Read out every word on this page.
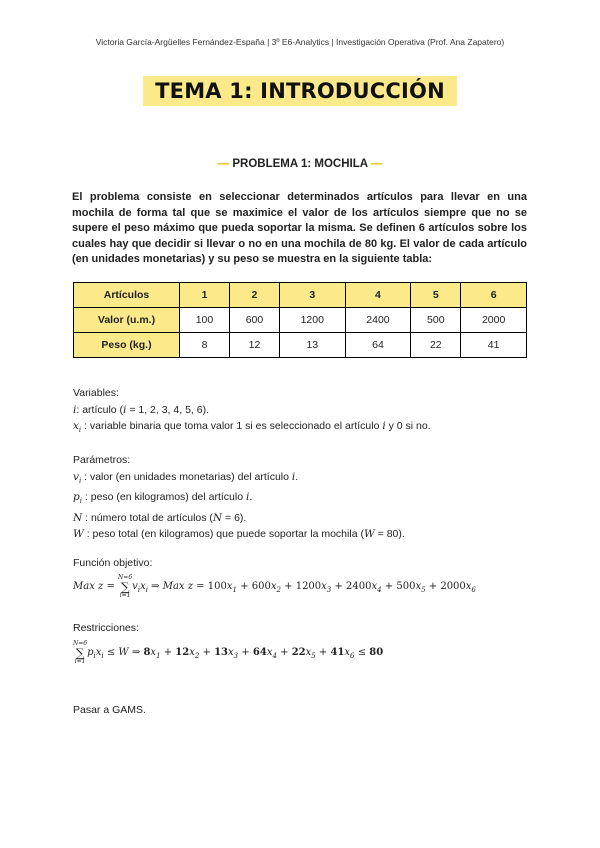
Victoria García-Argüelles Fernández-España | 3º E6-Analytics | Investigación Operativa (Prof. Ana Zapatero)
TEMA 1: INTRODUCCIÓN
— PROBLEMA 1: MOCHILA —
El problema consiste en seleccionar determinados artículos para llevar en una mochila de forma tal que se maximice el valor de los artículos siempre que no se supere el peso máximo que pueda soportar la misma. Se definen 6 artículos sobre los cuales hay que decidir si llevar o no en una mochila de 80 kg. El valor de cada artículo (en unidades monetarias) y su peso se muestra en la siguiente tabla:
Artículos	1	2	3	4	5	6
Valor (u.m.)	100	600	1200	2400	500	2000
Peso (kg.)	8	12	13	64	22	41
Variables:
i: artículo (i = 1, 2, 3, 4, 5, 6).
$x_i$ : variable binaria que toma valor 1 si es seleccionado el artículo i y 0 si no.
Parámetros:
$v_i$ : valor (en unidades monetarias) del artículo i.
$p_i$ : peso (en kilogramos) del artículo i.
N : número total de artículos (N = 6).
W : peso total (en kilogramos) que puede soportar la mochila (W = 80).
Función objetivo:
Max z =
N=6
∑
i=1
$v_ix_i$ ⇒ Max $z = 100x_1 + 600x_2 + 1200x_3 + 2400x_4 + 500x_5 + 2000x_6$
Restricciones:
N=6
∑
i=1
$p_ix_i \le W$ ⇒ $8x_1 + 12x_2 + 13x_3 + 64x_4 + 22x_5 + 41x_6 \le 80$
Pasar a GAMS.
